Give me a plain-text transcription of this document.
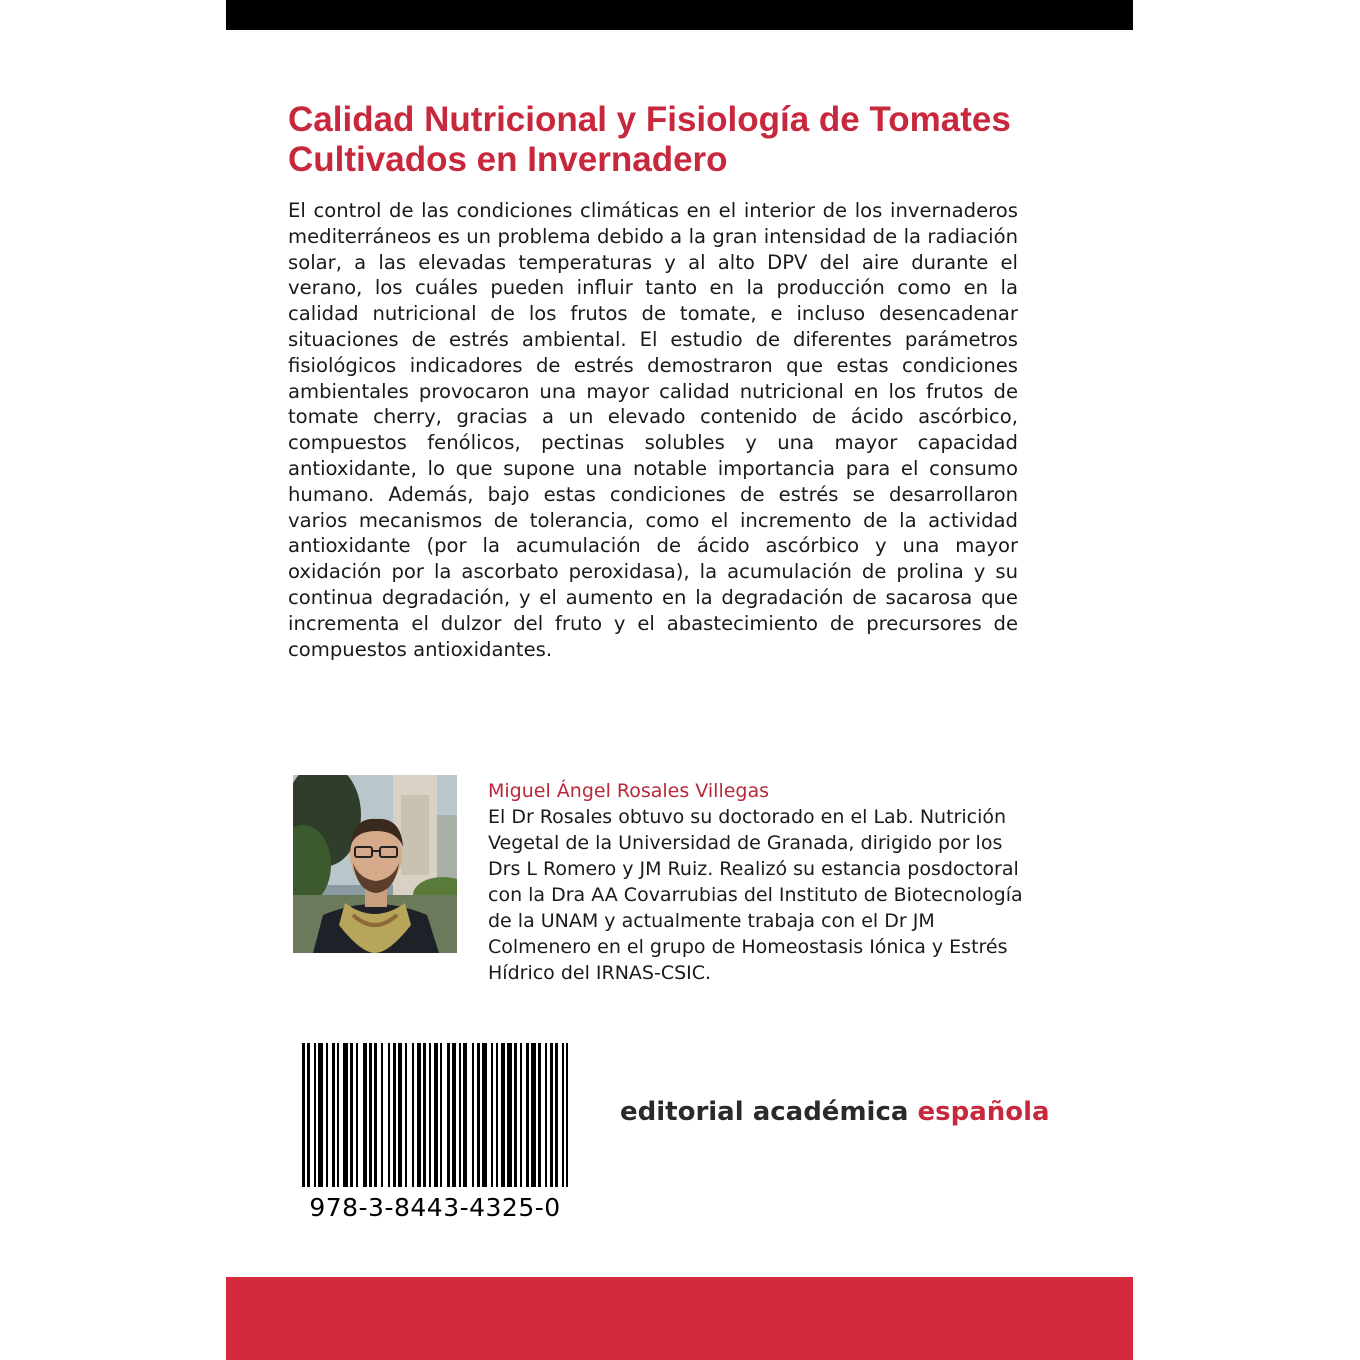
Calidad Nutricional y Fisiología de Tomates Cultivados en Invernadero

El control de las condiciones climáticas en el interior de los invernaderos mediterráneos es un problema debido a la gran intensidad de la radiación solar, a las elevadas temperaturas y al alto DPV del aire durante el verano, los cuáles pueden influir tanto en la producción como en la calidad nutricional de los frutos de tomate, e incluso desencadenar situaciones de estrés ambiental. El estudio de diferentes parámetros fisiológicos indicadores de estrés demostraron que estas condiciones ambientales provocaron una mayor calidad nutricional en los frutos de tomate cherry, gracias a un elevado contenido de ácido ascórbico, compuestos fenólicos, pectinas solubles y una mayor capacidad antioxidante, lo que supone una notable importancia para el consumo humano. Además, bajo estas condiciones de estrés se desarrollaron varios mecanismos de tolerancia, como el incremento de la actividad antioxidante (por la acumulación de ácido ascórbico y una mayor oxidación por la ascorbato peroxidasa), la acumulación de prolina y su continua degradación, y el aumento en la degradación de sacarosa que incrementa el dulzor del fruto y el abastecimiento de precursores de compuestos antioxidantes.

Miguel Ángel Rosales Villegas

El Dr Rosales obtuvo su doctorado en el Lab. Nutrición Vegetal de la Universidad de Granada, dirigido por los Drs L Romero y JM Ruiz. Realizó su estancia posdoctoral con la Dra AA Covarrubias del Instituto de Biotecnología de la UNAM y actualmente trabaja con el Dr JM Colmenero en el grupo de Homeostasis Iónica y Estrés Hídrico del IRNAS-CSIC.

978-3-8443-4325-0
editorial académica española
